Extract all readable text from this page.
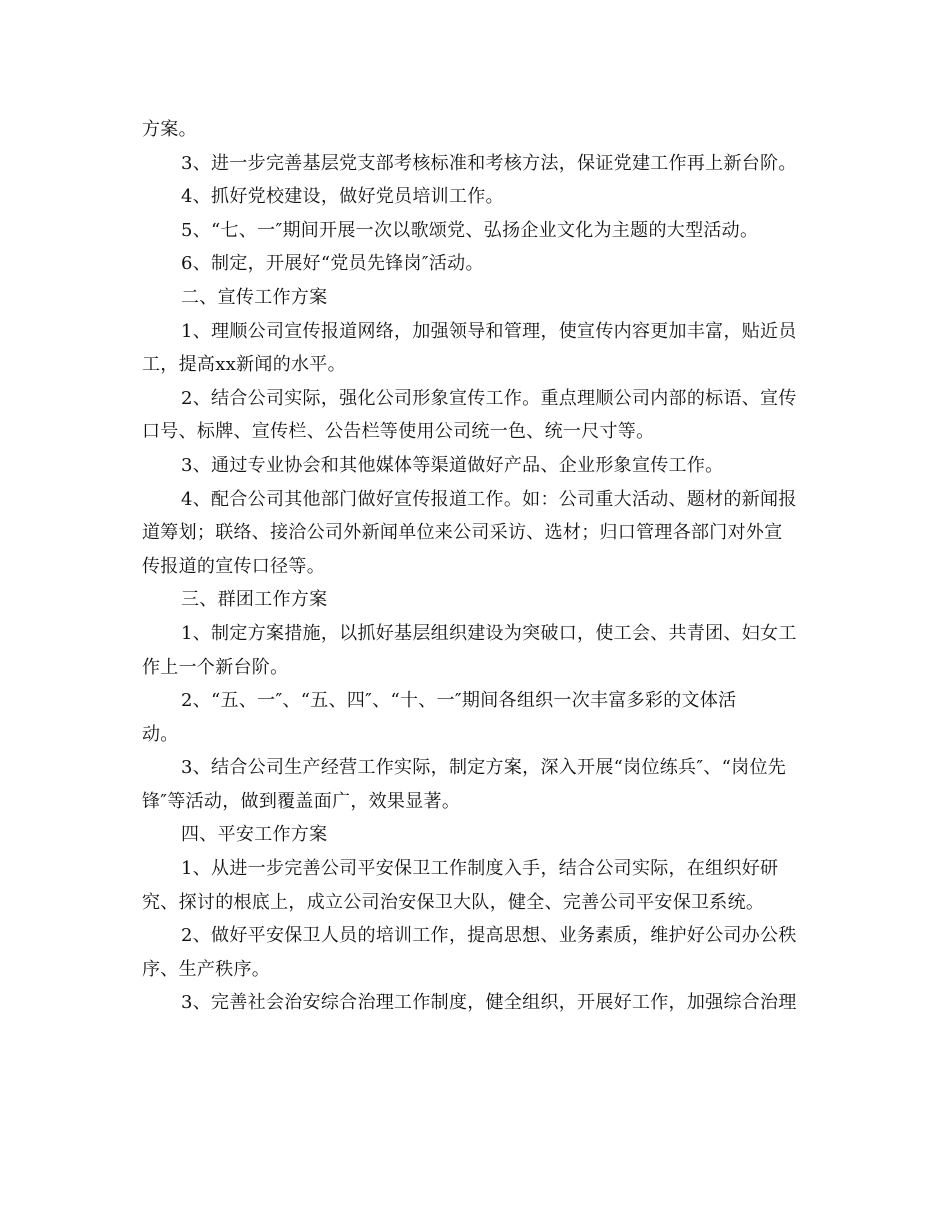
方案。

3、进一步完善基层党支部考核标准和考核方法，保证党建工作再上新台阶。

4、抓好党校建设，做好党员培训工作。

5、“七、一″期间开展一次以歌颂党、弘扬企业文化为主题的大型活动。

6、制定，开展好“党员先锋岗″活动。

二、宣传工作方案

1、理顺公司宣传报道网络，加强领导和管理，使宣传内容更加丰富，贴近员

工，提高xx新闻的水平。

2、结合公司实际，强化公司形象宣传工作。重点理顺公司内部的标语、宣传

口号、标牌、宣传栏、公告栏等使用公司统一色、统一尺寸等。

3、通过专业协会和其他媒体等渠道做好产品、企业形象宣传工作。

4、配合公司其他部门做好宣传报道工作。如：公司重大活动、题材的新闻报

道筹划；联络、接洽公司外新闻单位来公司采访、选材；归口管理各部门对外宣

传报道的宣传口径等。

三、群团工作方案

1、制定方案措施，以抓好基层组织建设为突破口，使工会、共青团、妇女工

作上一个新台阶。

2、“五、一″、“五、四″、“十、一″期间各组织一次丰富多彩的文体活

动。

3、结合公司生产经营工作实际，制定方案，深入开展“岗位练兵″、“岗位先

锋″等活动，做到覆盖面广，效果显著。

四、平安工作方案

1、从进一步完善公司平安保卫工作制度入手，结合公司实际，在组织好研

究、探讨的根底上，成立公司治安保卫大队，健全、完善公司平安保卫系统。

2、做好平安保卫人员的培训工作，提高思想、业务素质，维护好公司办公秩

序、生产秩序。

3、完善社会治安综合治理工作制度，健全组织，开展好工作，加强综合治理
